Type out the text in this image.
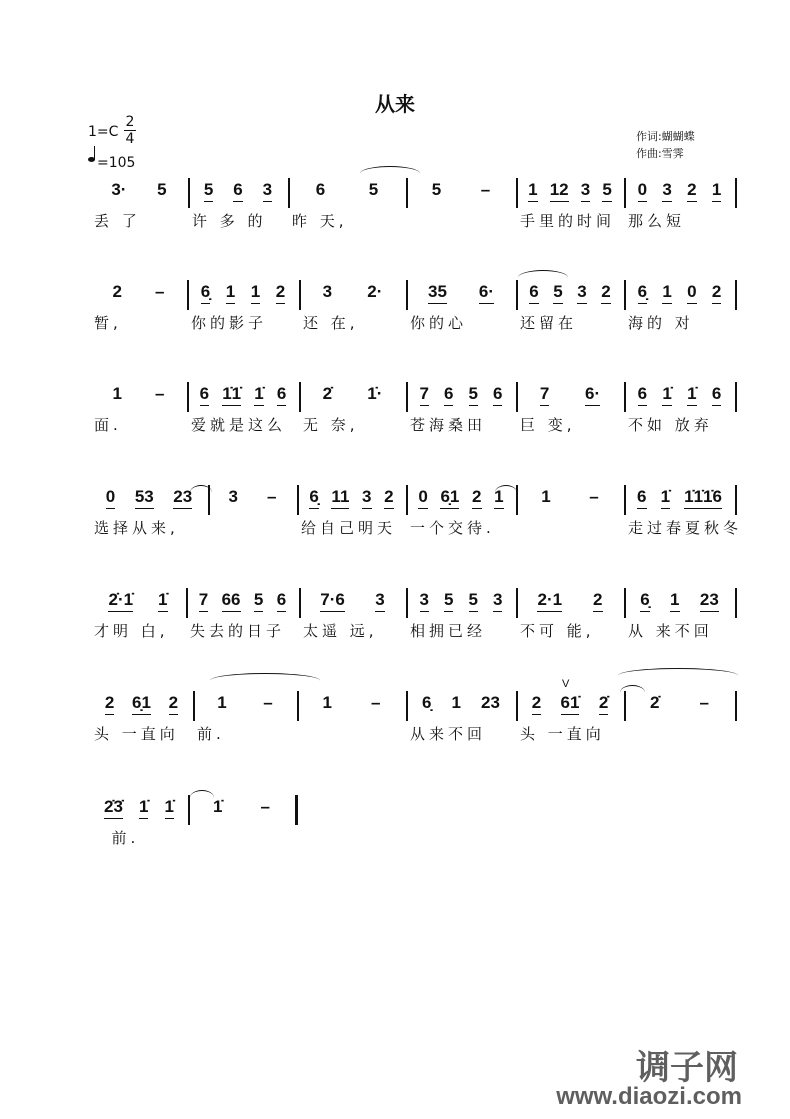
从来
1=C
2
4
=105
作词:蝴蝴蝶
作曲:雪霁
V
调子网
www.diaozi.com
3· 5 5 6 3	6	5	5 – 1 12 3 5 0 3 2 1
丢 了	许 多 的 昨 天,	手里的时间 那么短
2 – 6̣ 1 1 2 3 2·	35 6· 6 5 3 2 6̣ 1 0 2
暂,	你的影子 还 在,	你的心	还留在	海的 对
1 – 6 1̇1̇ 1̇ 6 2̇ 1̇· 7 6 5 6 7 6· 6 1̇ 1̇ 6
面.	爱就是这么 无 奈,	苍海桑田 巨 变,	不如 放弃
0 53 23 3 – 6̣ 11 3 2 0 6̣1 2 1 1 – 6 1̇ 1̇1̇1̇6
选择从来,	给自己明天 一个交待.	走过春夏秋冬
2̇·1̇ 1̇ 7 66 5 6 7·6 3 3 5 5 3 2·1 2 6̣ 1 23
才明 白, 失去的日子 太遥 远, 相拥已经 不可 能, 从 来不回
2 6̣1 2 1 –	1 – 6̣ 1 23 2 61̇ 2̇ 2̇ –
头 一直向 前.	从来不回 头 一直向
2̇3̇ 1̇ 1̇ 1̇ –
前.
